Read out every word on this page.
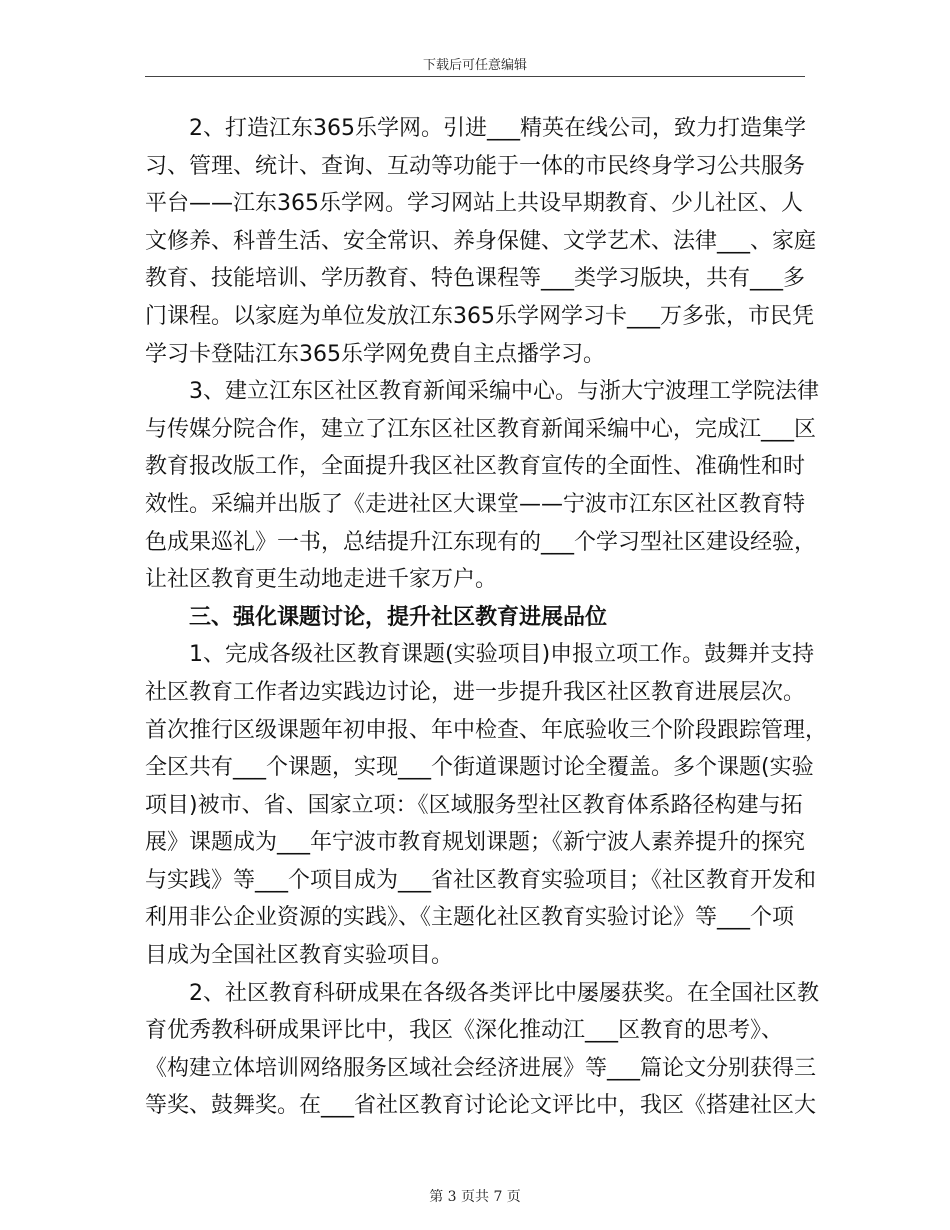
下载后可任意编辑
2、打造江东365乐学网。引进___精英在线公司，致力打造集学
习、管理、统计、查询、互动等功能于一体的市民终身学习公共服务
平台——江东365乐学网。学习网站上共设早期教育、少儿社区、人
文修养、科普生活、安全常识、养身保健、文学艺术、法律___、家庭
教育、技能培训、学历教育、特色课程等___类学习版块，共有___多
门课程。以家庭为单位发放江东365乐学网学习卡___万多张，市民凭
学习卡登陆江东365乐学网免费自主点播学习。
3、建立江东区社区教育新闻采编中心。与浙大宁波理工学院法律
与传媒分院合作，建立了江东区社区教育新闻采编中心，完成江___区
教育报改版工作，全面提升我区社区教育宣传的全面性、准确性和时
效性。采编并出版了《走进社区大课堂——宁波市江东区社区教育特
色成果巡礼》一书，总结提升江东现有的___个学习型社区建设经验，
让社区教育更生动地走进千家万户。
三、强化课题讨论，提升社区教育进展品位
1、完成各级社区教育课题(实验项目)申报立项工作。鼓舞并支持
社区教育工作者边实践边讨论，进一步提升我区社区教育进展层次。
首次推行区级课题年初申报、年中检查、年底验收三个阶段跟踪管理，
全区共有___个课题，实现___个街道课题讨论全覆盖。多个课题(实验
项目)被市、省、国家立项：《区域服务型社区教育体系路径构建与拓
展》课题成为___年宁波市教育规划课题；《新宁波人素养提升的探究
与实践》等___个项目成为___省社区教育实验项目；《社区教育开发和
利用非公企业资源的实践》、《主题化社区教育实验讨论》等___个项
目成为全国社区教育实验项目。
2、社区教育科研成果在各级各类评比中屡屡获奖。在全国社区教
育优秀教科研成果评比中，我区《深化推动江___区教育的思考》、
《构建立体培训网络服务区域社会经济进展》等___篇论文分别获得三
等奖、鼓舞奖。在___省社区教育讨论论文评比中，我区《搭建社区大
第 3 页共 7 页
